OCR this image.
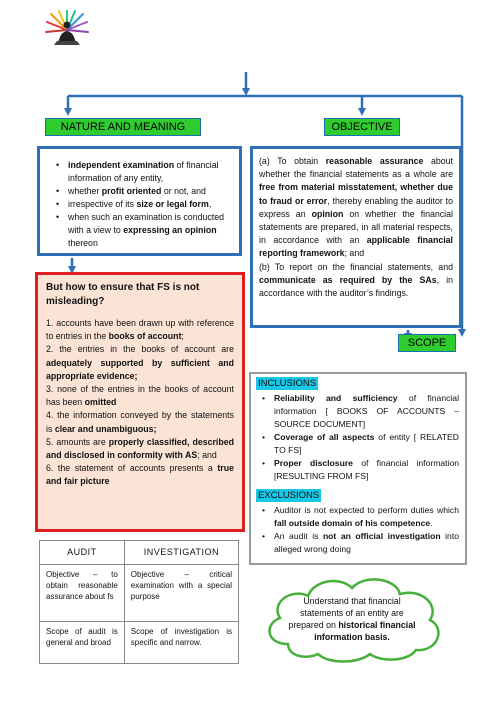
NATURE AND MEANING	OBJECTIVE
• independent examination of financial information of any entity,
• whether profit oriented or not, and
• irrespective of its size or legal form,
• when such an examination is conducted with a view to expressing an opinion thereon

(a) To obtain reasonable assurance about whether the financial statements as a whole are free from material misstatement, whether due to fraud or error, thereby enabling the auditor to express an opinion on whether the financial statements are prepared, in all material respects, in accordance with an applicable financial reporting framework; and

(b) To report on the financial statements, and communicate as required by the SAs, in accordance with the auditor’s findings.

But how to ensure that FS is not misleading?

1. accounts have been drawn up with reference to entries in the books of account;

2. the entries in the books of account are adequately supported by sufficient and appropriate evidence;

3. none of the entries in the books of account has been omitted

4. the information conveyed by the statements is clear and unambiguous;

5. amounts are properly classified, described and disclosed in conformity with AS; and

6. the statement of accounts presents a true and fair picture

SCOPE
INCLUSIONS
• Reliability and sufficiency of financial information [ BOOKS OF ACCOUNTS – SOURCE DOCUMENT]
• Coverage of all aspects of entity [ RELATED TO FS]
• Proper disclosure of financial information [RESULTING FROM FS]
EXCLUSIONS
• Auditor is not expected to perform duties which fall outside domain of his competence.
• An audit is not an official investigation into alleged wrong doing
AUDIT	INVESTIGATION
Objective – to obtain reasonable assurance about fs	Objective – critical examination with a special purpose
Scope of audit is general and broad	Scope of investigation is specific and narrow.
Understand that financial statements of an entity are prepared on historical financial information basis.
